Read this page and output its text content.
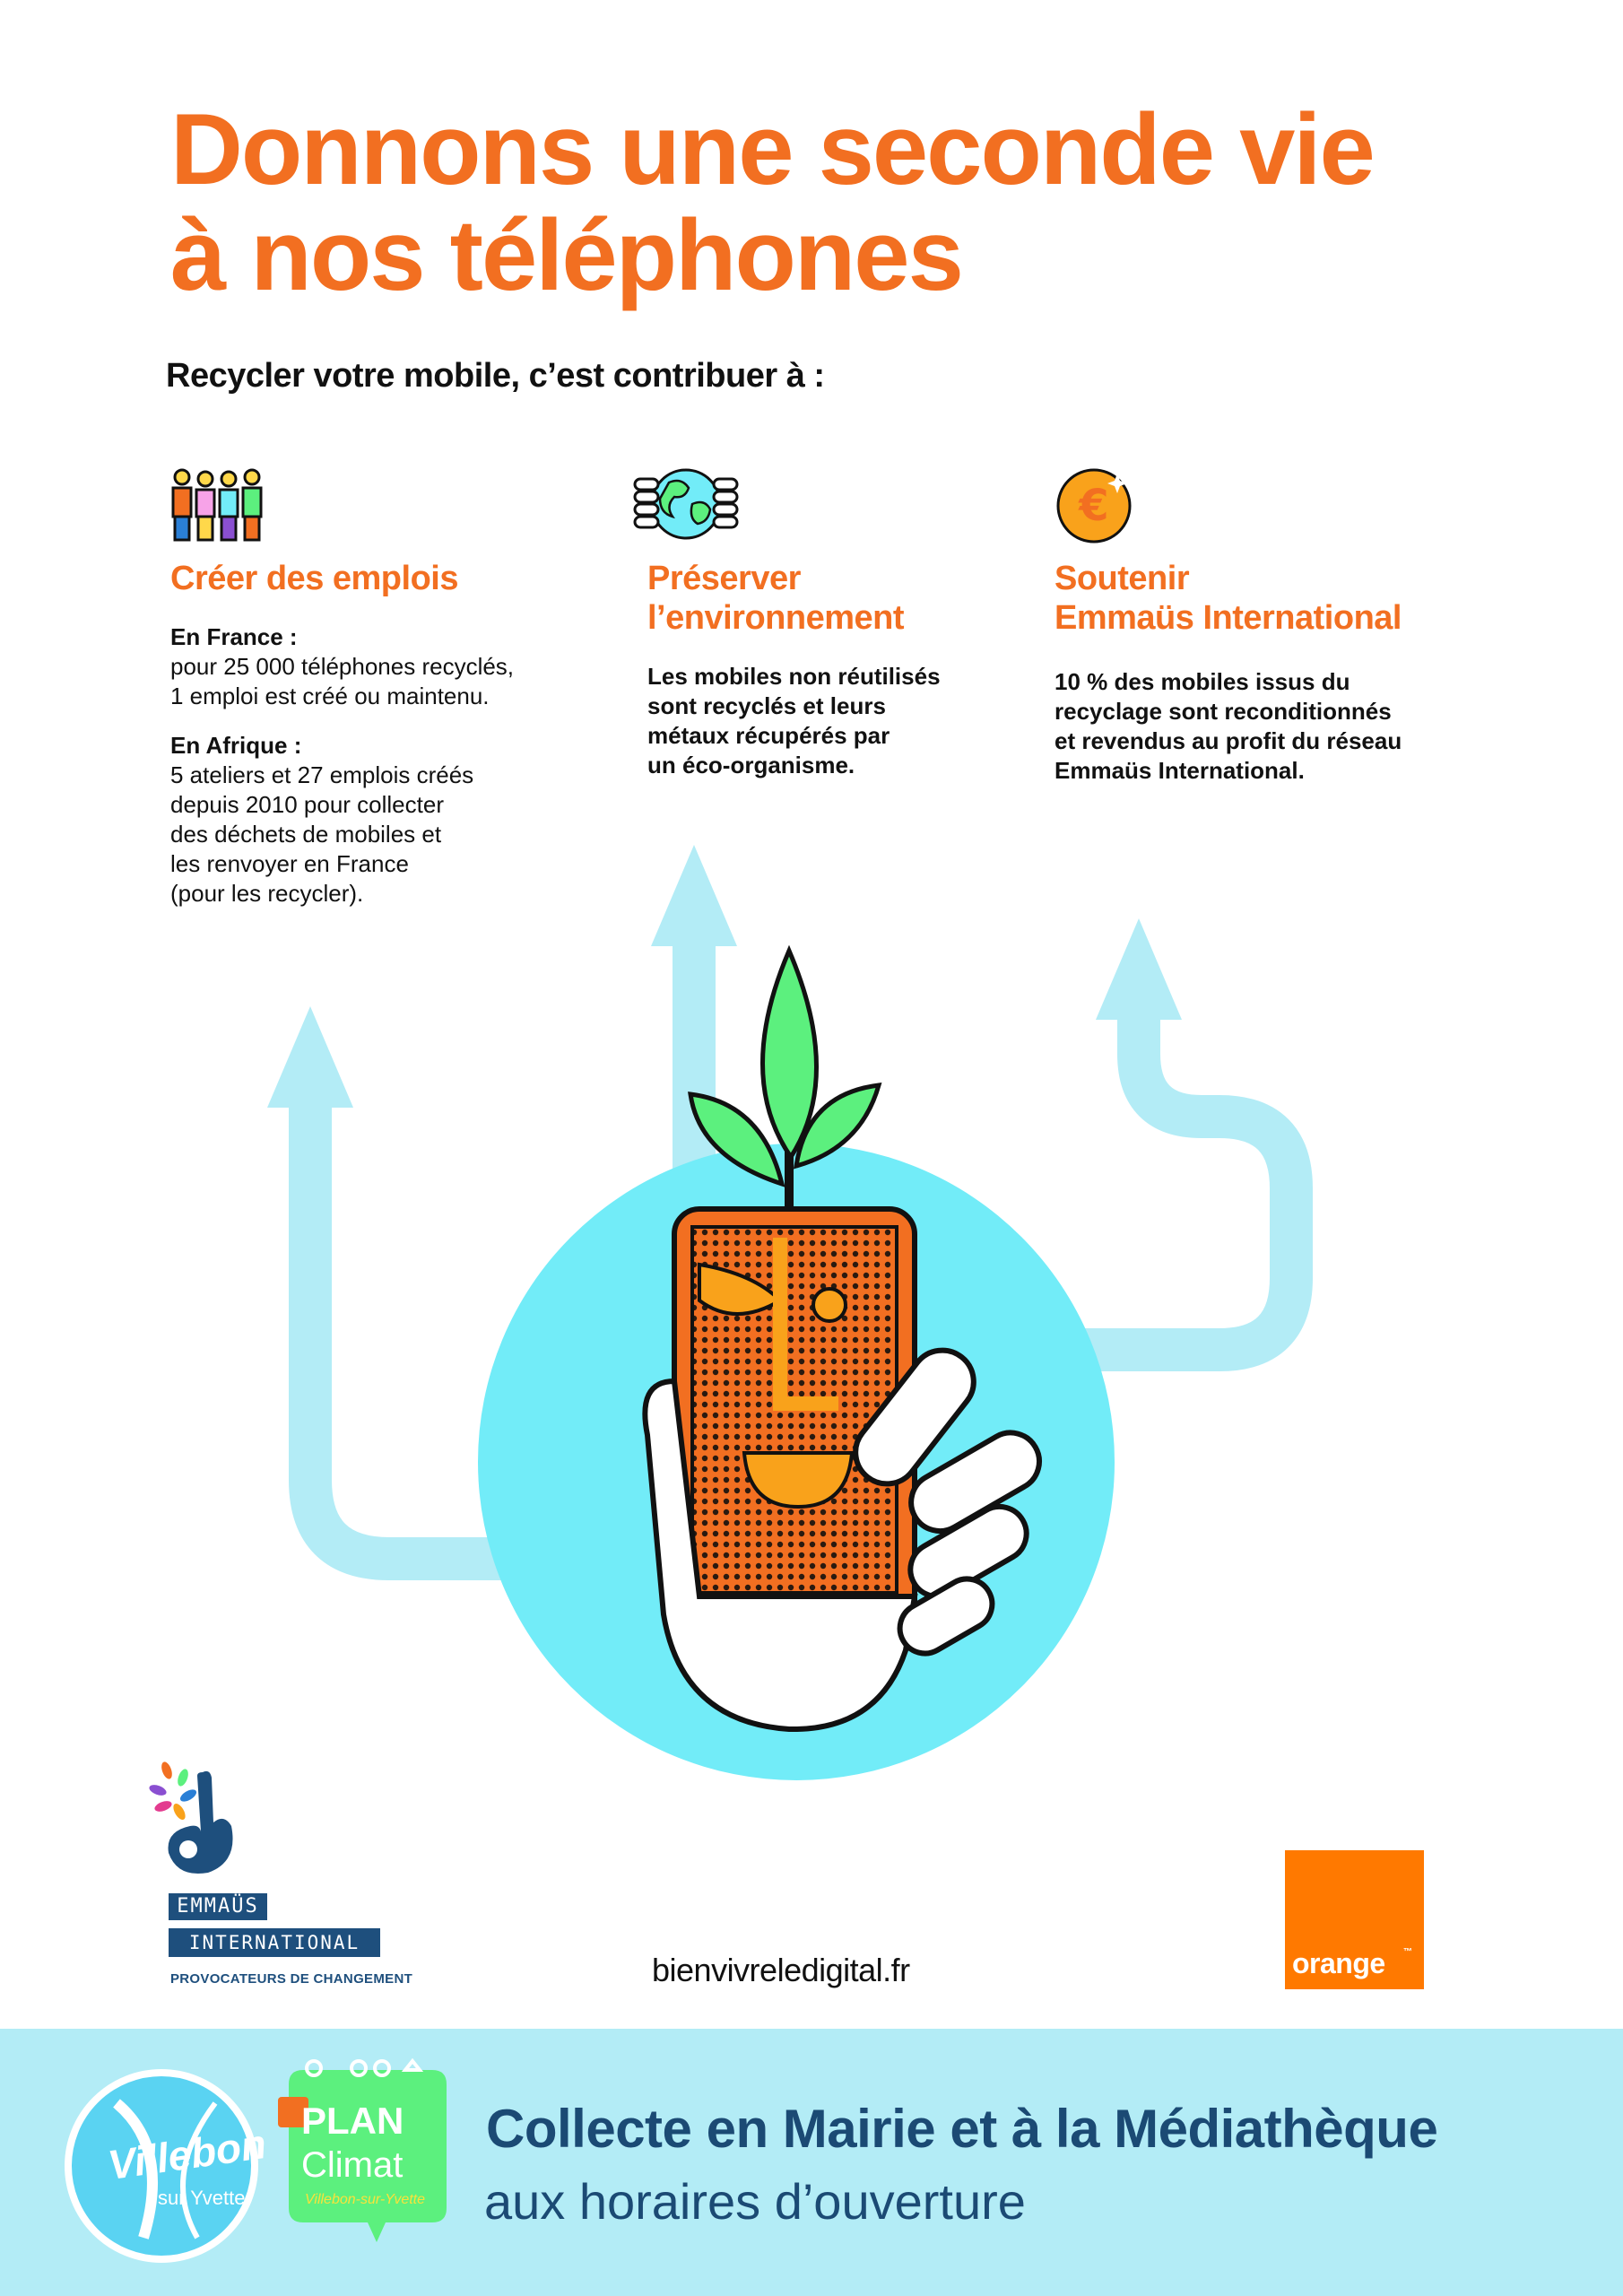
Donnons une seconde vie
à nos téléphones
Recycler votre mobile, c’est contribuer à :
Créer des emplois
En France :
pour 25 000 téléphones recyclés,
1 emploi est créé ou maintenu.
En Afrique :
5 ateliers et 27 emplois créés
depuis 2010 pour collecter
des déchets de mobiles et
les renvoyer en France
(pour les recycler).
Préserver
l’environnement
Les mobiles non réutilisés
sont recyclés et leurs
métaux récupérés par
un éco-organisme.
€
Soutenir
Emmaüs International
10 % des mobiles issus du
recyclage sont reconditionnés
et revendus au profit du réseau
Emmaüs International.
EMMAÜS
INTERNATIONAL
PROVOCATEURS DE CHANGEMENT	bienvivreledigital.fr	orange ™
Villebon
sur Yvette
PLAN
Climat
Villebon-sur-Yvette
Collecte en Mairie et à la Médiathèque
aux horaires d’ouverture
